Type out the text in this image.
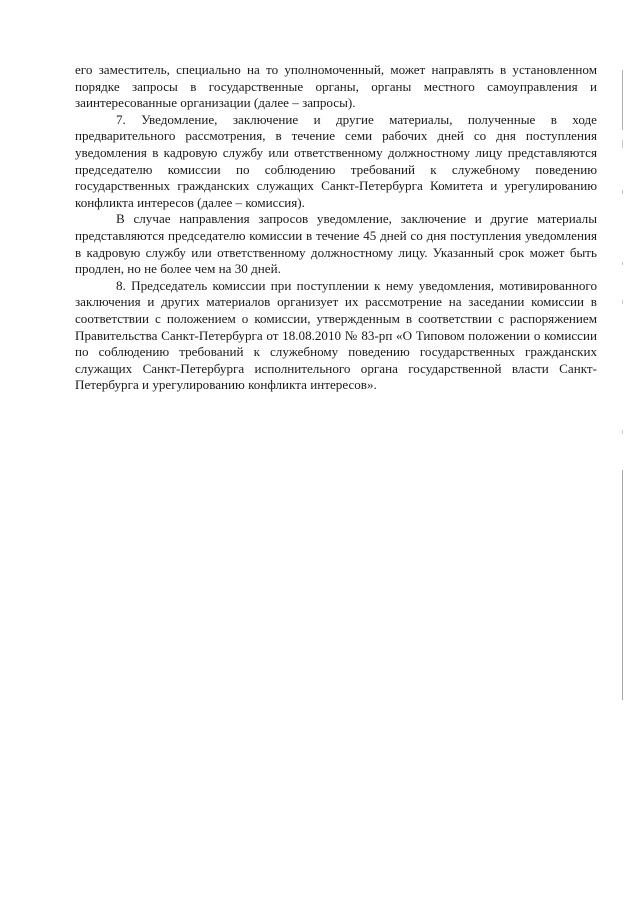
его заместитель, специально на то уполномоченный, может направлять в установленном порядке запросы в государственные органы, органы местного самоуправления и заинтересованные организации (далее – запросы).

7. Уведомление, заключение и другие материалы, полученные в ходе предварительного рассмотрения, в течение семи рабочих дней со дня поступления уведомления в кадровую службу или ответственному должностному лицу представляются председателю комиссии по соблюдению требований к служебному поведению государственных гражданских служащих Санкт-Петербурга Комитета и урегулированию конфликта интересов (далее – комиссия).

В случае направления запросов уведомление, заключение и другие материалы представляются председателю комиссии в течение 45 дней со дня поступления уведомления в кадровую службу или ответственному должностному лицу. Указанный срок может быть продлен, но не более чем на 30 дней.

8. Председатель комиссии при поступлении к нему уведомления, мотивированного заключения и других материалов организует их рассмотрение на заседании комиссии в соответствии с положением о комиссии, утвержденным в соответствии с распоряжением Правительства Санкт-Петербурга от 18.08.2010 № 83-рп «О Типовом положении о комиссии по соблюдению требований к служебному поведению государственных гражданских служащих Санкт-Петербурга исполнительного органа государственной власти Санкт-Петербурга и урегулированию конфликта интересов».
